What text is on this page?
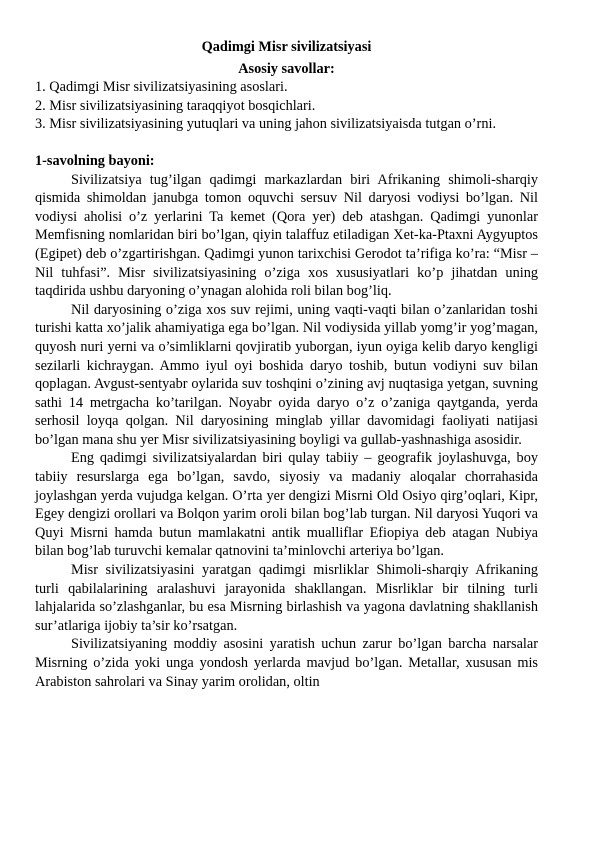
Qadimgi Misr sivilizatsiyasi

Asosiy savollar:

1. Qadimgi Misr sivilizatsiyasining asoslari.

2. Misr sivilizatsiyasining taraqqiyot bosqichlari.

3. Misr sivilizatsiyasining yutuqlari va uning jahon sivilizatsiyaisda tutgan o’rni.

1-savolning bayoni:

Sivilizatsiya tug’ilgan qadimgi markazlardan biri Afrikaning shimoli-sharqiy qismida shimoldan janubga tomon oquvchi sersuv Nil daryosi vodiysi bo’lgan. Nil vodiysi aholisi o’z yerlarini Ta kemet (Qora yer) deb atashgan. Qadimgi yunonlar Memfisning nomlaridan biri bo’lgan, qiyin talaffuz etiladigan Xet-ka-Ptaxni Aygyuptos (Egipet) deb o’zgartirishgan. Qadimgi yunon tarixchisi Gerodot ta’rifiga ko’ra: “Misr – Nil tuhfasi”. Misr sivilizatsiyasining o’ziga xos xususiyatlari ko’p jihatdan uning taqdirida ushbu daryoning o’ynagan alohida roli bilan bog’liq.

Nil daryosining o’ziga xos suv rejimi, uning vaqti-vaqti bilan o’zanlaridan toshi turishi katta xo’jalik ahamiyatiga ega bo’lgan. Nil vodiysida yillab yomg’ir yog’magan, quyosh nuri yerni va o’simliklarni qovjiratib yuborgan, iyun oyiga kelib daryo kengligi sezilarli kichraygan. Ammo iyul oyi boshida daryo toshib, butun vodiyni suv bilan qoplagan. Avgust-sentyabr oylarida suv toshqini o’zining avj nuqtasiga yetgan, suvning sathi 14 metrgacha ko’tarilgan. Noyabr oyida daryo o’z o’zaniga qaytganda, yerda serhosil loyqa qolgan. Nil daryosining minglab yillar davomidagi faoliyati natijasi bo’lgan mana shu yer Misr sivilizatsiyasining boyligi va gullab-yashnashiga asosidir.

Eng qadimgi sivilizatsiyalardan biri qulay tabiiy – geografik joylashuvga, boy tabiiy resurslarga ega bo’lgan, savdo, siyosiy va madaniy aloqalar chorrahasida joylashgan yerda vujudga kelgan. O’rta yer dengizi Misrni Old Osiyo qirg’oqlari, Kipr, Egey dengizi orollari va Bolqon yarim oroli bilan bog’lab turgan. Nil daryosi Yuqori va Quyi Misrni hamda butun mamlakatni antik mualliflar Efiopiya deb atagan Nubiya bilan bog’lab turuvchi kemalar qatnovini ta’minlovchi arteriya bo’lgan.

Misr sivilizatsiyasini yaratgan qadimgi misrliklar Shimoli-sharqiy Afrikaning turli qabilalarining aralashuvi jarayonida shakllangan. Misrliklar bir tilning turli lahjalarida so’zlashganlar, bu esa Misrning birlashish va yagona davlatning shakllanish sur’atlariga ijobiy ta’sir ko’rsatgan.

Sivilizatsiyaning moddiy asosini yaratish uchun zarur bo’lgan barcha narsalar Misrning o’zida yoki unga yondosh yerlarda mavjud bo’lgan. Metallar, xususan mis Arabiston sahrolari va Sinay yarim orolidan, oltin
